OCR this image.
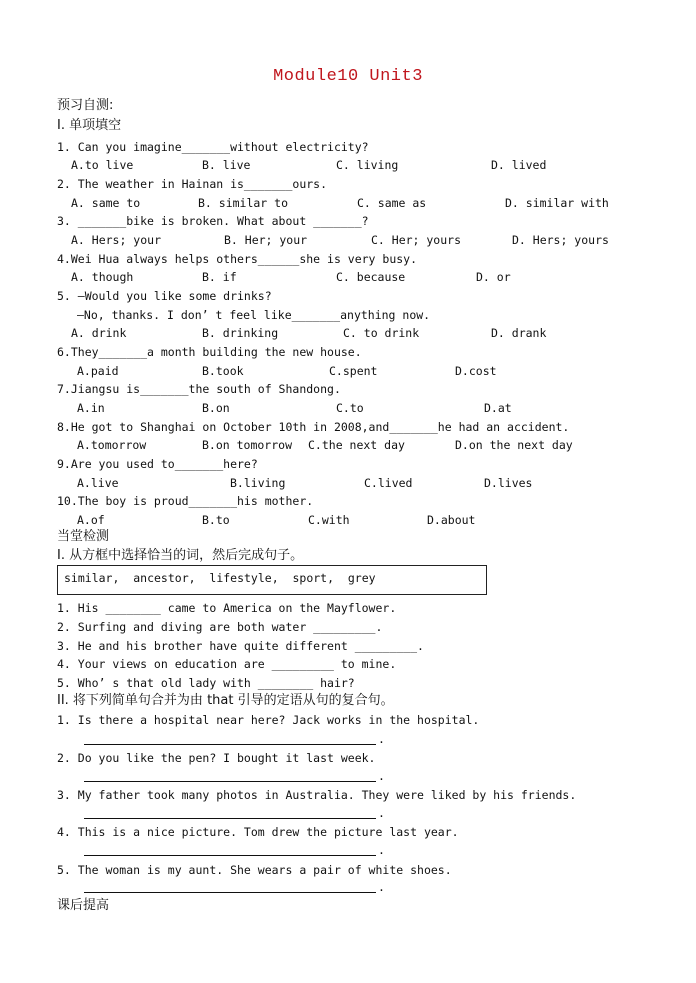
Module10 Unit3
预习自测:
I. 单项填空
1. Can you imagine_______without electricity?
A.to live	B. live	C. living	D. lived
2. The weather in Hainan is_______ours.
A. same to	B. similar to	C. same as	D. similar with
3. _______bike is broken. What about _______?
A. Hers; your	B. Her; your	C. Her; yours	D. Hers; yours
4.Wei Hua always helps others______she is very busy.
A. though	B. if	C. because	D. or
5. —Would you like some drinks?
—No, thanks. I don’ t feel like_______anything now.
A. drink	B. drinking	C. to drink	D. drank
6.They_______a month building the new house.
A.paid	B.took	C.spent	D.cost
7.Jiangsu is_______the south of Shandong.
A.in	B.on	C.to	D.at
8.He got to Shanghai on October 10th in 2008,and_______he had an accident.
A.tomorrow	B.on tomorrow C.the next day	D.on the next day
9.Are you used to_______here?
A.live	B.living	C.lived	D.lives
10.The boy is proud_______his mother.
A.of	B.to	C.with	D.about
当堂检测
I. 从方框中选择恰当的词，然后完成句子。
similar,  ancestor,  lifestyle,  sport,  grey
1. His ________ came to America on the Mayflower.
2. Surfing and diving are both water _________.
3. He and his brother have quite different _________.
4. Your views on education are _________ to mine.
5. Who’ s that old lady with ________ hair?
II. 将下列简单句合并为由 that 引导的定语从句的复合句。
1. Is there a hospital near here? Jack works in the hospital.
.
2. Do you like the pen? I bought it last week.
.
3. My father took many photos in Australia. They were liked by his friends.
.
4. This is a nice picture. Tom drew the picture last year.
.
5. The woman is my aunt. She wears a pair of white shoes.
.
课后提高
